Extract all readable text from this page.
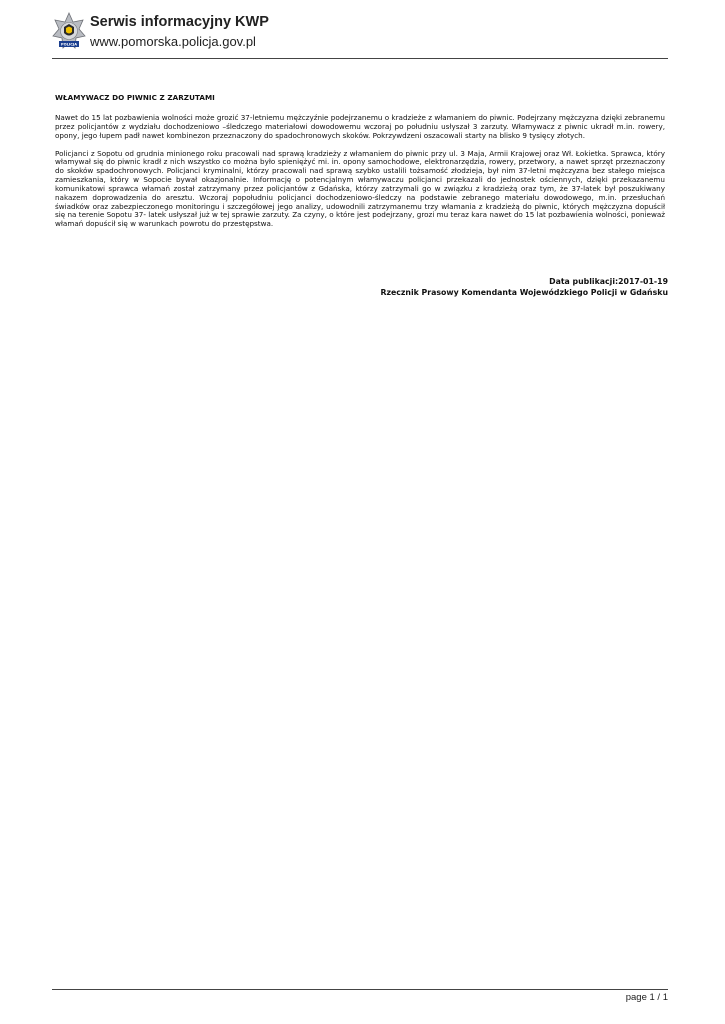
POLICJA
Serwis informacyjny KWP
www.pomorska.policja.gov.pl
WŁAMYWACZ DO PIWNIC Z ZARZUTAMI

Nawet do 15 lat pozbawienia wolności może grozić 37-letniemu mężczyźnie podejrzanemu o kradzieże z włamaniem do piwnic. Podejrzany mężczyzna dzięki zebranemu przez policjantów z wydziału dochodzeniowo –śledczego materiałowi dowodowemu wczoraj po południu usłyszał 3 zarzuty. Włamywacz z piwnic ukradł m.in. rowery, opony, jego łupem padł nawet kombinezon przeznaczony do spadochronowych skoków. Pokrzywdzeni oszacowali starty na blisko 9 tysięcy złotych.

Policjanci z Sopotu od grudnia minionego roku pracowali nad sprawą kradzieży z włamaniem do piwnic przy ul. 3 Maja, Armii Krajowej oraz Wł. Łokietka. Sprawca, który włamywał się do piwnic kradł z nich wszystko co można było spieniężyć mi. in. opony samochodowe, elektronarzędzia, rowery, przetwory, a nawet sprzęt przeznaczony do skoków spadochronowych. Policjanci kryminalni, którzy pracowali nad sprawą szybko ustalili tożsamość złodzieja, był nim 37-letni mężczyzna bez stałego miejsca zamieszkania, który w Sopocie bywał okazjonalnie. Informację o potencjalnym włamywaczu policjanci przekazali do jednostek ościennych, dzięki przekazanemu komunikatowi sprawca włamań został zatrzymany przez policjantów z Gdańska, którzy zatrzymali go w związku z kradzieżą oraz tym, że 37-latek był poszukiwany nakazem doprowadzenia do aresztu. Wczoraj popołudniu policjanci dochodzeniowo-śledczy na podstawie zebranego materiału dowodowego, m.in. przesłuchań świadków oraz zabezpieczonego monitoringu i szczegółowej jego analizy, udowodnili zatrzymanemu trzy włamania z kradzieżą do piwnic, których mężczyzna dopuścił się na terenie Sopotu 37- latek usłyszał już w tej sprawie zarzuty. Za czyny, o które jest podejrzany, grozi mu teraz kara nawet do 15 lat pozbawienia wolności, ponieważ włamań dopuścił się w warunkach powrotu do przestępstwa.

Data publikacji:2017-01-19
Rzecznik Prasowy Komendanta Wojewódzkiego Policji w Gdańsku
page 1 / 1
